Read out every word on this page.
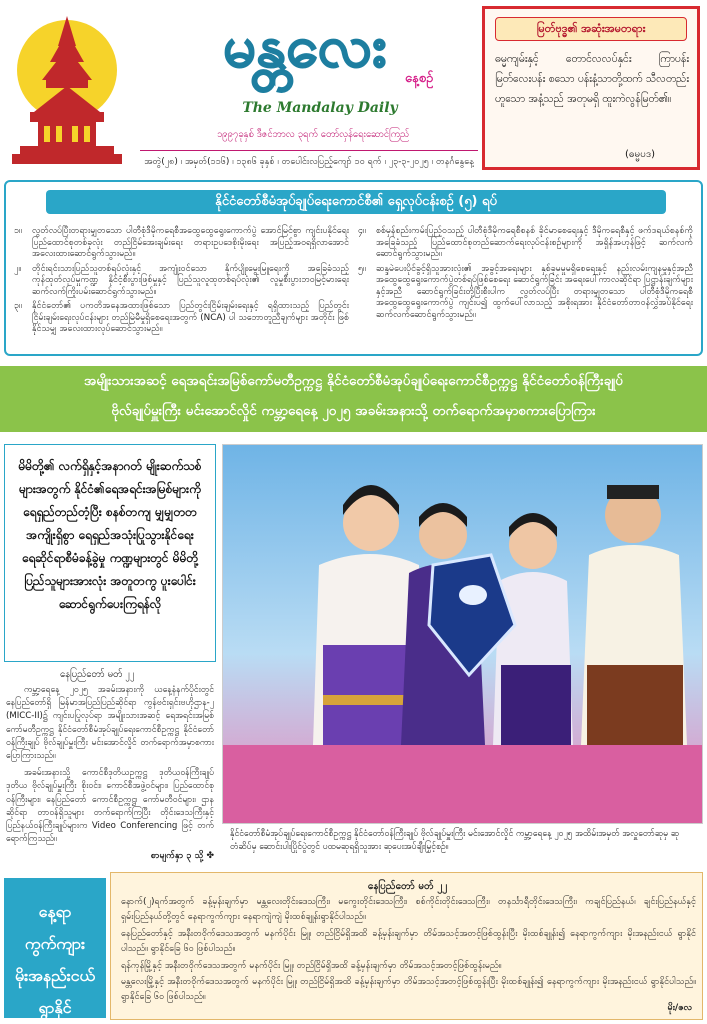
မန္တလေး နေ့စဉ်
The Mandalay Daily
၁၉၉၇ခုနှစ် ဒီဇင်ဘာလ ၃ရက် တော်လှန်ရေးဆောင်ကြည်
အတွဲ(၂၈) ၊ အမှတ်(၁၁၆) ၊ ၁၃၈၆ ခုနှစ် ၊ တပေါင်းလပြည့်ကျော် ၁၀ ရက် ၊ ၂၃-၃-၂၀၂၅ ၊ တနင်္ဂနွေနေ့
မြတ်ဗုဒ္ဓ၏ အဆုံးအမတရား
ဓမ္မကျမ်းနှင့် တောင်လလပ်နှင်း ကြာပန်း မြတ်လေးပန်း စသော ပန်းနံ့သာတို့ထက် သီလတည်းဟူသော အနံ့သည် အတုမရှိ ထူးကဲလွန်မြတ်၏။
(ဓမ္မပဒ)
နိုင်ငံတော်စီမံအုပ်ချုပ်ရေးကောင်စီ၏ ရှေ့လုပ်ငန်းစဉ် (၅) ရပ်
၁။ လွတ်လပ်ပြီးတရားမျှတသော ပါတီစုံဒီမိုကရေစီအထွေထွေရွေးကောက်ပွဲ အောင်မြင်စွာ ကျင်းပနိုင်ရေး ပြည်ထောင်စုတစ်ခုလုံး တည်ငြိမ်အေးချမ်းရေး တရားဥပဒေစိုးမိုးရေး အပြည့်အဝရရှိလာအောင် အလေးထားဆောင်ရွက်သွားမည်။
၂။ တိုင်းရင်းသားပြည်သူတစ်ရပ်လုံးနှင့် အကျုံးဝင်သော နိုက်ပျိုးမွေးမြူရေးကို အခြေခံသည့် ကုန်ထုတ်လုပ်မှုကဏ္ဍ နိုင်ငံ့စီးပွားဖြစ်မှုနှင့် ပြည်သူလူထုတစ်ရပ်လုံး၏ လူမှုစီးပွားဘဝမြင့်မားရေး ဆက်လက်ကြိုးပမ်းဆောင်ရွက်သွားမည်။
၃။ နိုင်ငံတော်၏ ပကတိအနေအထားဖြစ်သော ပြည်တွင်းငြိမ်းချမ်းရေးနှင့် ရရှိထားသည့် ပြည်တွင်း ငြိမ်းချမ်းရေးလုပ်ငန်းများ တည်မြဲမီမှုရှိစေရေးအတွက် (NCA) ပါ သဘောတူညီချက်များ အတိုင်း ဖြစ်နိုင်သမျှ အလေးထားလုပ်ဆောင်သွားမည်။
၄။ စစ်မှန်စည်းကမ်းပြည့်ဝသည့် ပါတီစုံဒီမိုကရေစီစနစ် ခိုင်မာစေရေးနှင့် ဒီမိုကရေစီနှင့် ဖက်ဒရယ်စနစ်ကိုအခြေခံသည့် ပြည်ထောင်စုတည်ဆောက်ရေးလုပ်ငန်းစဉ်များကို အရှိန်အဟုန်ဖြင့် ဆက်လက်ဆောင်ရွက်သွားမည်။
၅။ ဆန္ဒမဲပေးပိုင်ခွင့်ရှိသူအားလုံး၏ အခွင့်အရေးများ နှစ်ခုမမှုမရှိစေရေးနှင့် နည်းလမ်းကျနမှုနှင့်အညီ အထွေထွေရွေးကောက်ပွဲတစ်ရပ်ဖြစ်စေရေး ဆောင်ရွက်ခြင်း အရေးပေါ်ကာလဆိုင်ရာ ပြဋ္ဌာန်းချက်များနှင့်အညီ ဆောင်ရွက်ခြင်းတို့ပြီးစီးပါက လွတ်လပ်ပြီး တရားမျှတသော ပါတီစုံဒီမိုကရေစီအထွေထွေရွေးကောက်ပွဲ ကျင်းပ၍ ထွက်ပေါ်လာသည့် အစိုးရအား နိုင်ငံတော်တာဝန်လွှဲအပ်နိုင်ရေး ဆက်လက်ဆောင်ရွက်သွားမည်။
အမျိုးသားအဆင့် ရေအရင်းအမြစ်ကော်မတီဥက္ကဋ္ဌ နိုင်ငံတော်စီမံအုပ်ချုပ်ရေးကောင်စီဥက္ကဋ္ဌ နိုင်ငံတော်ဝန်ကြီးချုပ်
ဗိုလ်ချုပ်မှူးကြီး မင်းအောင်လှိုင် ကမ္ဘာ့ရေနေ့ ၂၀၂၅ အခမ်းအနားသို့ တက်ရောက်အမှာစကားပြောကြား
မိမိတို့၏ လက်ရှိနှင့်အနာဂတ် မျိုးဆက်သစ်များအတွက် နိုင်ငံ၏ရေအရင်းအမြစ်များကို ရေရှည်တည်တံ့ပြီး စနစ်တကျ မျှမျှတတ အကျိုးရှိစွာ ရေရှည်အသုံးပြုသွားနိုင်ရေး ရေဆိုင်ရာစီမံခန့်ခွဲမှု ကဏ္ဍများတွင် မိမိတို့ပြည်သူများအားလုံး အတူတကွ ပူးပေါင်းဆောင်ရွက်ပေးကြရန်လို
နေပြည်တော် မတ် ၂၂

ကမ္ဘာ့ရေနေ့ ၂၀၂၅ အခမ်းအနားကို ယနေ့နံနက်ပိုင်းတွင် နေပြည်တော်ရှိ မြန်မာအပြည်ပြည်ဆိုင်ရာ ကွန်ဗင်းရှင်းဗဟိုဌာန-၂ (MICC-II)၌ ကျင်းပပြုလုပ်ရာ အမျိုးသားအဆင့် ရေအရင်းအမြစ် ကော်မတီဥက္ကဋ္ဌ နိုင်ငံတော်စီမံအုပ်ချုပ်ရေးကောင်စီဥက္ကဋ္ဌ နိုင်ငံတော် ဝန်ကြီးချုပ် ဗိုလ်ချုပ်မှူးကြီး မင်းအောင်လှိုင် တက်ရောက်အမှာစကား ပြောကြားသည်။

အခမ်းအနားသို့ ကောင်စီဒုတိယဥက္ကဋ္ဌ ဒုတိယဝန်ကြီးချုပ် ဒုတိယ ဗိုလ်ချုပ်မှူးကြီး စိုးဝင်း၊ ကောင်စီအဖွဲ့ဝင်များ၊ ပြည်ထောင်စုဝန်ကြီးများ၊ နေပြည်တော် ကောင်စီဥက္ကဋ္ဌ၊ ကော်မတီဝင်များ၊ ဌာနဆိုင်ရာ တာဝန်ရှိသူများ တက်ရောက်ကြပြီး တိုင်းဒေသကြီးနှင့် ပြည်နယ်ဝန်ကြီးချုပ်များက Video Conferencing ဖြင့် တက်ရောက်ကြသည်။

စာမျက်နှာ ၃ သို့ ✤
နိုင်ငံတော်စီမံအုပ်ချုပ်ရေးကောင်စီဥက္ကဋ္ဌ နိုင်ငံတော်ဝန်ကြီးချုပ် ဗိုလ်ချုပ်မှူးကြီး မင်းအောင်လှိုင် ကမ္ဘာ့ရေနေ့ ၂၀၂၅ အထိမ်းအမှတ် အလှူတော်ဆုမှ ဆုတံဆိပ်မှ ဆောင်းပါးပြိုင်ပွဲတွင် ပထမဆုရရှိသူအား ဆုပေးအပ်ချီးမြှင့်စဉ်။
နေ့ရာ
ကွက်ကျား
မိုးအနည်းငယ်
ရွာနိုင်
နေပြည်တော် မတ် ၂၂

နောက်(၂)ရက်အတွက် ခန့်မှန်းချက်မှာ မန္တလေးတိုင်းဒေသကြီး၊ မကွေးတိုင်းဒေသကြီး၊ စစ်ကိုင်းတိုင်းဒေသကြီး၊ တနင်္သာရီတိုင်းဒေသကြီး၊ ကချင်ပြည်နယ်၊ ချင်းပြည်နယ်နှင့် ရှမ်းပြည်နယ်တို့တွင် နေရာကွက်ကျား နေရာကျဲကျဲ မိုးထစ်ချုန်းရွာနိုင်ပါသည်။

နေပြည်တော်နှင့် အနီးတဝိုက်ဒေသအတွက် မနက်ပိုင်း မြူ၊ တည်ငြိမ်ရှိအထိ ခန့်မှန်းချက်မှာ တိမ်အသင့်အတင့်ဖြစ်ထွန်းပြီး မိုးထစ်ချုန်း၍ နေရာကွက်ကျား မိုးအနည်းငယ် ရွာနိုင်ပါသည်။ ရွာနိုင်ခြေ ၆၀ ဖြစ်ပါသည်။

ရန်ကုန်မြို့နှင့် အနီးတဝိုက်ဒေသအတွက် မနက်ပိုင်း မြူ၊ တည်ငြိမ်ရှိအထိ ခန့်မှန်းချက်မှာ တိမ်အသင့်အတင့်ဖြစ်ထွန်းမည်။

မန္တလေးမြို့နှင့် အနီးတဝိုက်ဒေသအတွက် မနက်ပိုင်း မြူ၊ တည်ငြိမ်ရှိအထိ ခန့်မှန်းချက်မှာ တိမ်အသင့်အတင့်ဖြစ်ထွန်းပြီး မိုးထစ်ချုန်း၍ နေရာကွက်ကျား မိုးအနည်းငယ် ရွာနိုင်ပါသည်။ ရွာနိုင်ခြေ ၆၀ ဖြစ်ပါသည်။

မိုး/ဇလ
